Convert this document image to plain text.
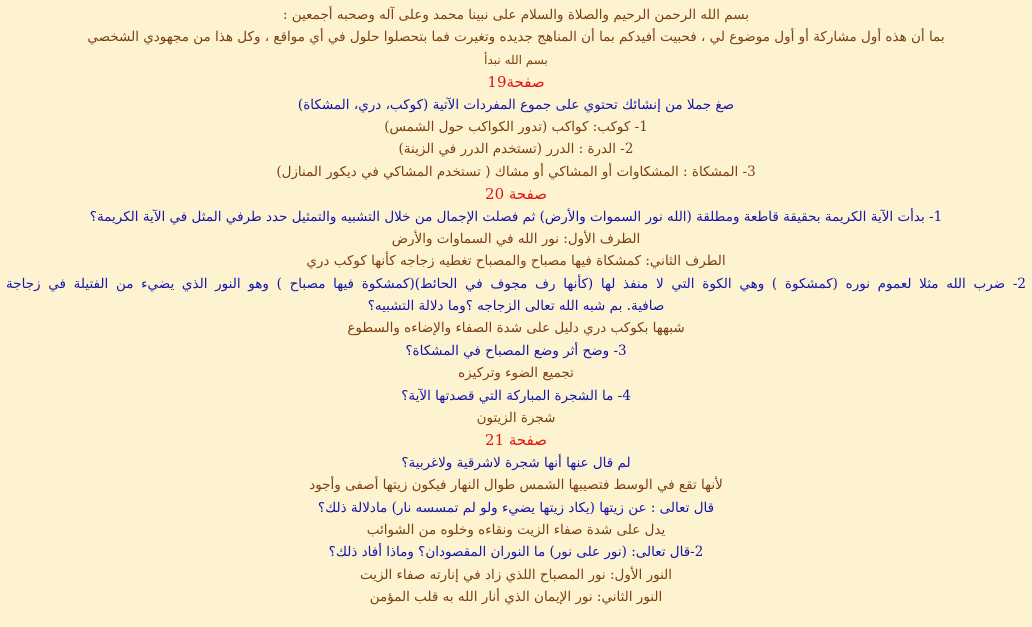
بسم الله الرحمن الرحيم والصلاة والسلام على نبينا محمد وعلى آله وصحبه أجمعين :
بما أن هذه أول مشاركة أو أول موضوع لي ، فحبيت أفيدكم بما أن المناهج جديده وتغيرت فما بتحصلوا حلول في أي مواقع ، وكل هذا من مجهودي الشخصي
بسم الله نبدأ
صفحة19
صغ جملا من إنشائك تحتوي على جموع المفردات الآتية (كوكب، دري، المشكاة)
1- كوكب: كواكب (تدور الكواكب حول الشمس)
2- الدرة : الدرر (تستخدم الدرر في الزينة)
3- المشكاة : المشكاوات أو المشاكي أو مشاك ( تستخدم المشاكي في ديكور المنازل)
صفحة 20
1- بدأت الآية الكريمة بحقيقة قاطعة ومطلقة (الله نور السموات والأرض) ثم فصلت الإجمال من خلال التشبيه والتمثيل حدد طرفي المثل في الآية الكريمة؟
الطرف الأول: نور الله في السماوات والأرض
الطرف الثاني: كمشكاة فيها مصباح والمصباح تغطيه زجاجه كأنها كوكب دري
2- ضرب الله مثلا لعموم نوره (كمشكوة ) وهي الكوة التي لا منفذ لها (كأنها رف مجوف في الحائط)(كمشكوة فيها مصباح ) وهو النور الذي يضيء من الفتيلة في زجاجة
صافية. بم شبه الله تعالى الزجاجه ؟وما دلالة التشبيه؟
شبهها بكوكب دري دليل على شدة الصفاء والإضاءه والسطوع
3- وضح أثر وضع المصباح في المشكاة؟
تجميع الضوء وتركيزه
4- ما الشجرة المباركة التي قصدتها الآية؟
شجرة الزيتون
صفحة 21
لم قال عنها أنها شجرة لاشرقية ولاغربية؟
لأنها تقع في الوسط فتصيبها الشمس طوال النهار فيكون زيتها أصفى وأجود
قال تعالى : عن زيتها (يكاد زيتها يضيء ولو لم تمسسه نار) مادلالة ذلك؟
يدل على شدة صفاء الزيت ونقاءه وخلوه من الشوائب
2-قال تعالى: (نور على نور) ما النوران المقصودان؟ وماذا أفاد ذلك؟
النور الأول: نور المصباح اللذي زاد في إنارته صفاء الزيت
النور الثاني: نور الإيمان الذي أنار الله به قلب المؤمن
